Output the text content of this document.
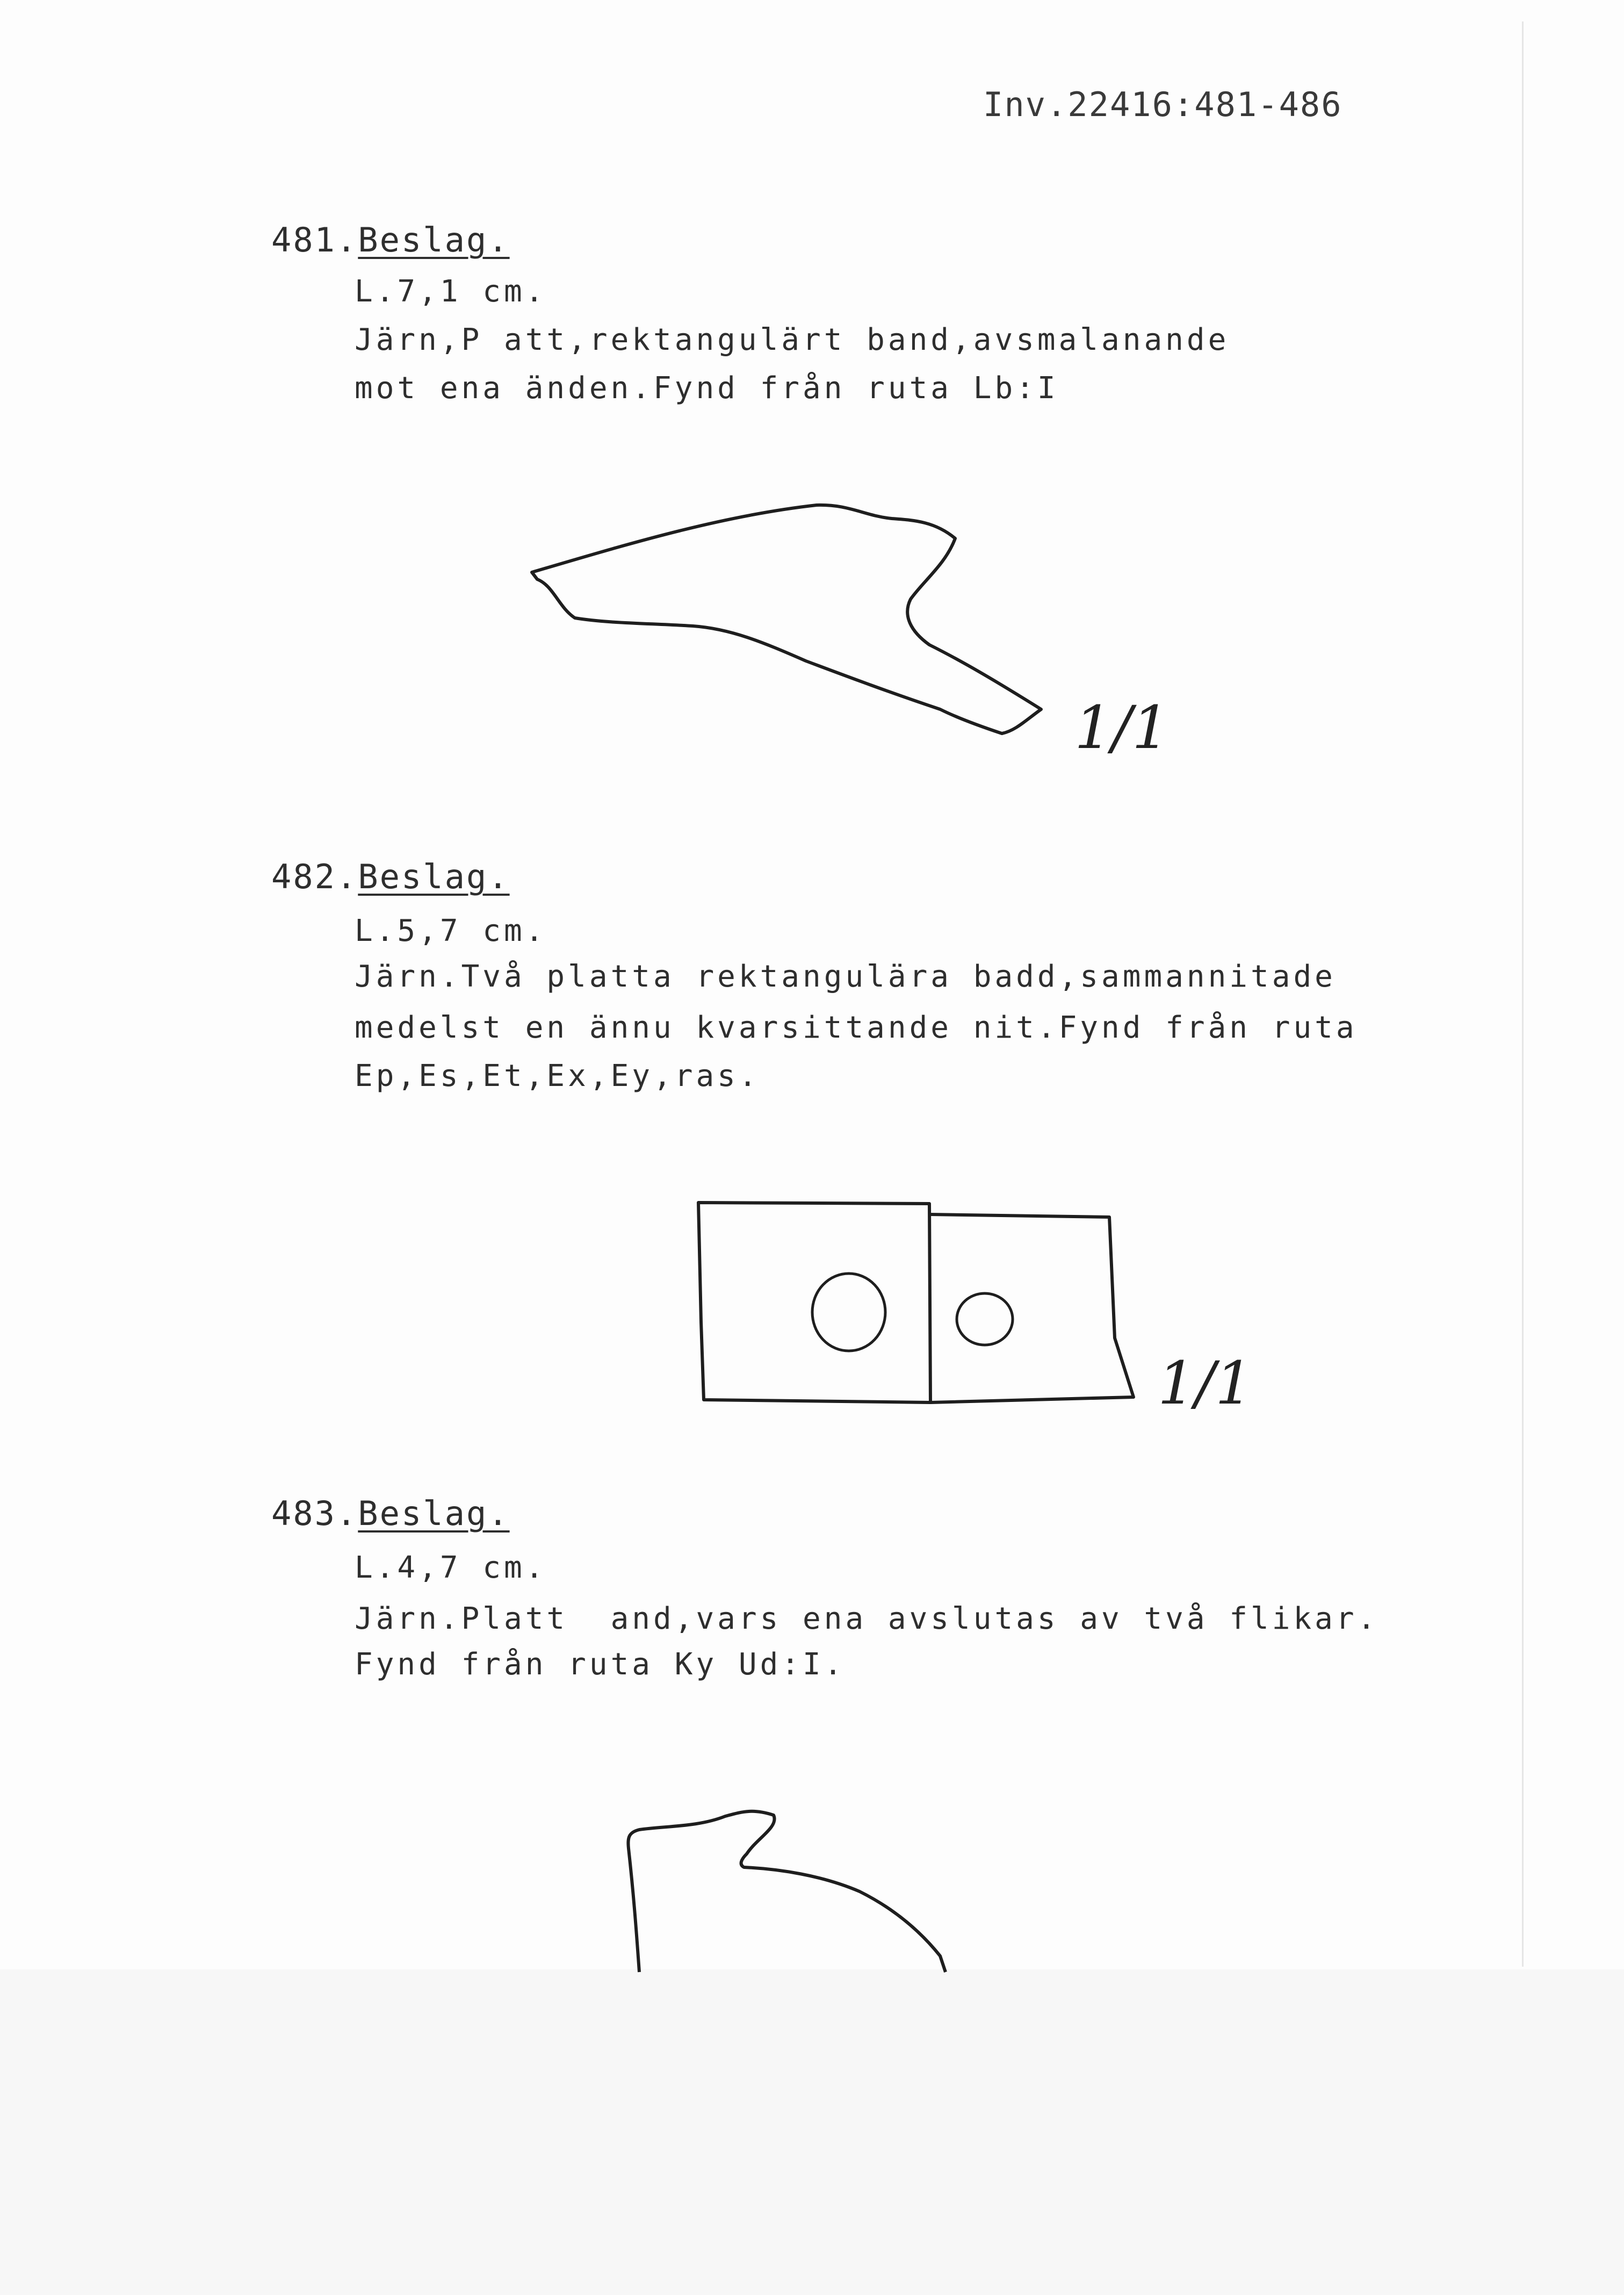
Inv.22416:481-486
481.Beslag.
L.7,1 cm.
Järn,P att,rektangulärt band,avsmalanande
mot ena änden.Fynd från ruta Lb:I
1/1
482.Beslag.
L.5,7 cm.
Järn.Två platta rektangulära badd,sammannitade
medelst en ännu kvarsittande nit.Fynd från ruta
Ep,Es,Et,Ex,Ey,ras.
1/1
483.Beslag.
L.4,7 cm.
Järn.Platt  and,vars ena avslutas av två flikar.
Fynd från ruta Ky Ud:I.
